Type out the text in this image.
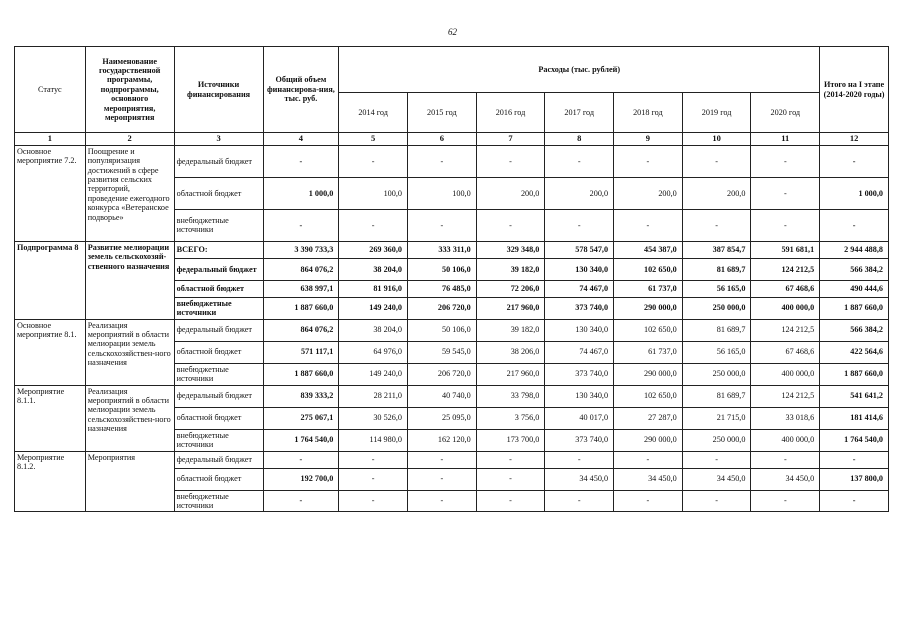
62
Статус	Наименование государственной программы, подпрограммы, основного мероприятия, мероприятия	Источники финансирования	Общий объем финансирова-ния, тыс. руб.	Расходы (тыс. рублей)							Итого на I этапе (2014-2020 годы)
				2014 год	2015 год	2016 год	2017 год	2018 год	2019 год	2020 год	
1	2	3	4	5	6	7	8	9	10	11	12
Основное мероприятие 7.2.	Поощрение и популяризация достижений в сфере развития сельских территорий, проведение ежегодного конкурса «Ветеранское подворье»	федеральный бюджет	-	-	-	-	-	-	-	-	-
		областной бюджет	1 000,0	100,0	100,0	200,0	200,0	200,0	200,0	-	1 000,0
		внебюджетные источники	-	-	-	-	-	-	-	-	-
Подпрограмма 8	Развитие мелиорации земель сельскохозяй-ственного назначения	ВСЕГО:	3 390 733,3	269 360,0	333 311,0	329 348,0	578 547,0	454 387,0	387 854,7	591 681,1	2 944 488,8
		федеральный бюджет	864 076,2	38 204,0	50 106,0	39 182,0	130 340,0	102 650,0	81 689,7	124 212,5	566 384,2
		областной бюджет	638 997,1	81 916,0	76 485,0	72 206,0	74 467,0	61 737,0	56 165,0	67 468,6	490 444,6
		внебюджетные источники	1 887 660,0	149 240,0	206 720,0	217 960,0	373 740,0	290 000,0	250 000,0	400 000,0	1 887 660,0
Основное мероприятие 8.1.	Реализация мероприятий в области мелиорации земель сельскохозяйствен-ного назначения	федеральный бюджет	864 076,2	38 204,0	50 106,0	39 182,0	130 340,0	102 650,0	81 689,7	124 212,5	566 384,2
		областной бюджет	571 117,1	64 976,0	59 545,0	38 206,0	74 467,0	61 737,0	56 165,0	67 468,6	422 564,6
		внебюджетные источники	1 887 660,0	149 240,0	206 720,0	217 960,0	373 740,0	290 000,0	250 000,0	400 000,0	1 887 660,0
Мероприятие 8.1.1.	Реализация мероприятий в области мелиорации земель сельскохозяйствен-ного назначения	федеральный бюджет	839 333,2	28 211,0	40 740,0	33 798,0	130 340,0	102 650,0	81 689,7	124 212,5	541 641,2
		областной бюджет	275 067,1	30 526,0	25 095,0	3 756,0	40 017,0	27 287,0	21 715,0	33 018,6	181 414,6
		внебюджетные источники	1 764 540,0	114 980,0	162 120,0	173 700,0	373 740,0	290 000,0	250 000,0	400 000,0	1 764 540,0
Мероприятие 8.1.2.	Мероприятия	федеральный бюджет	-	-	-	-	-	-	-	-	-
		областной бюджет	192 700,0	-	-	-	34 450,0	34 450,0	34 450,0	34 450,0	137 800,0
		внебюджетные источники	-	-	-	-	-	-	-	-	-
